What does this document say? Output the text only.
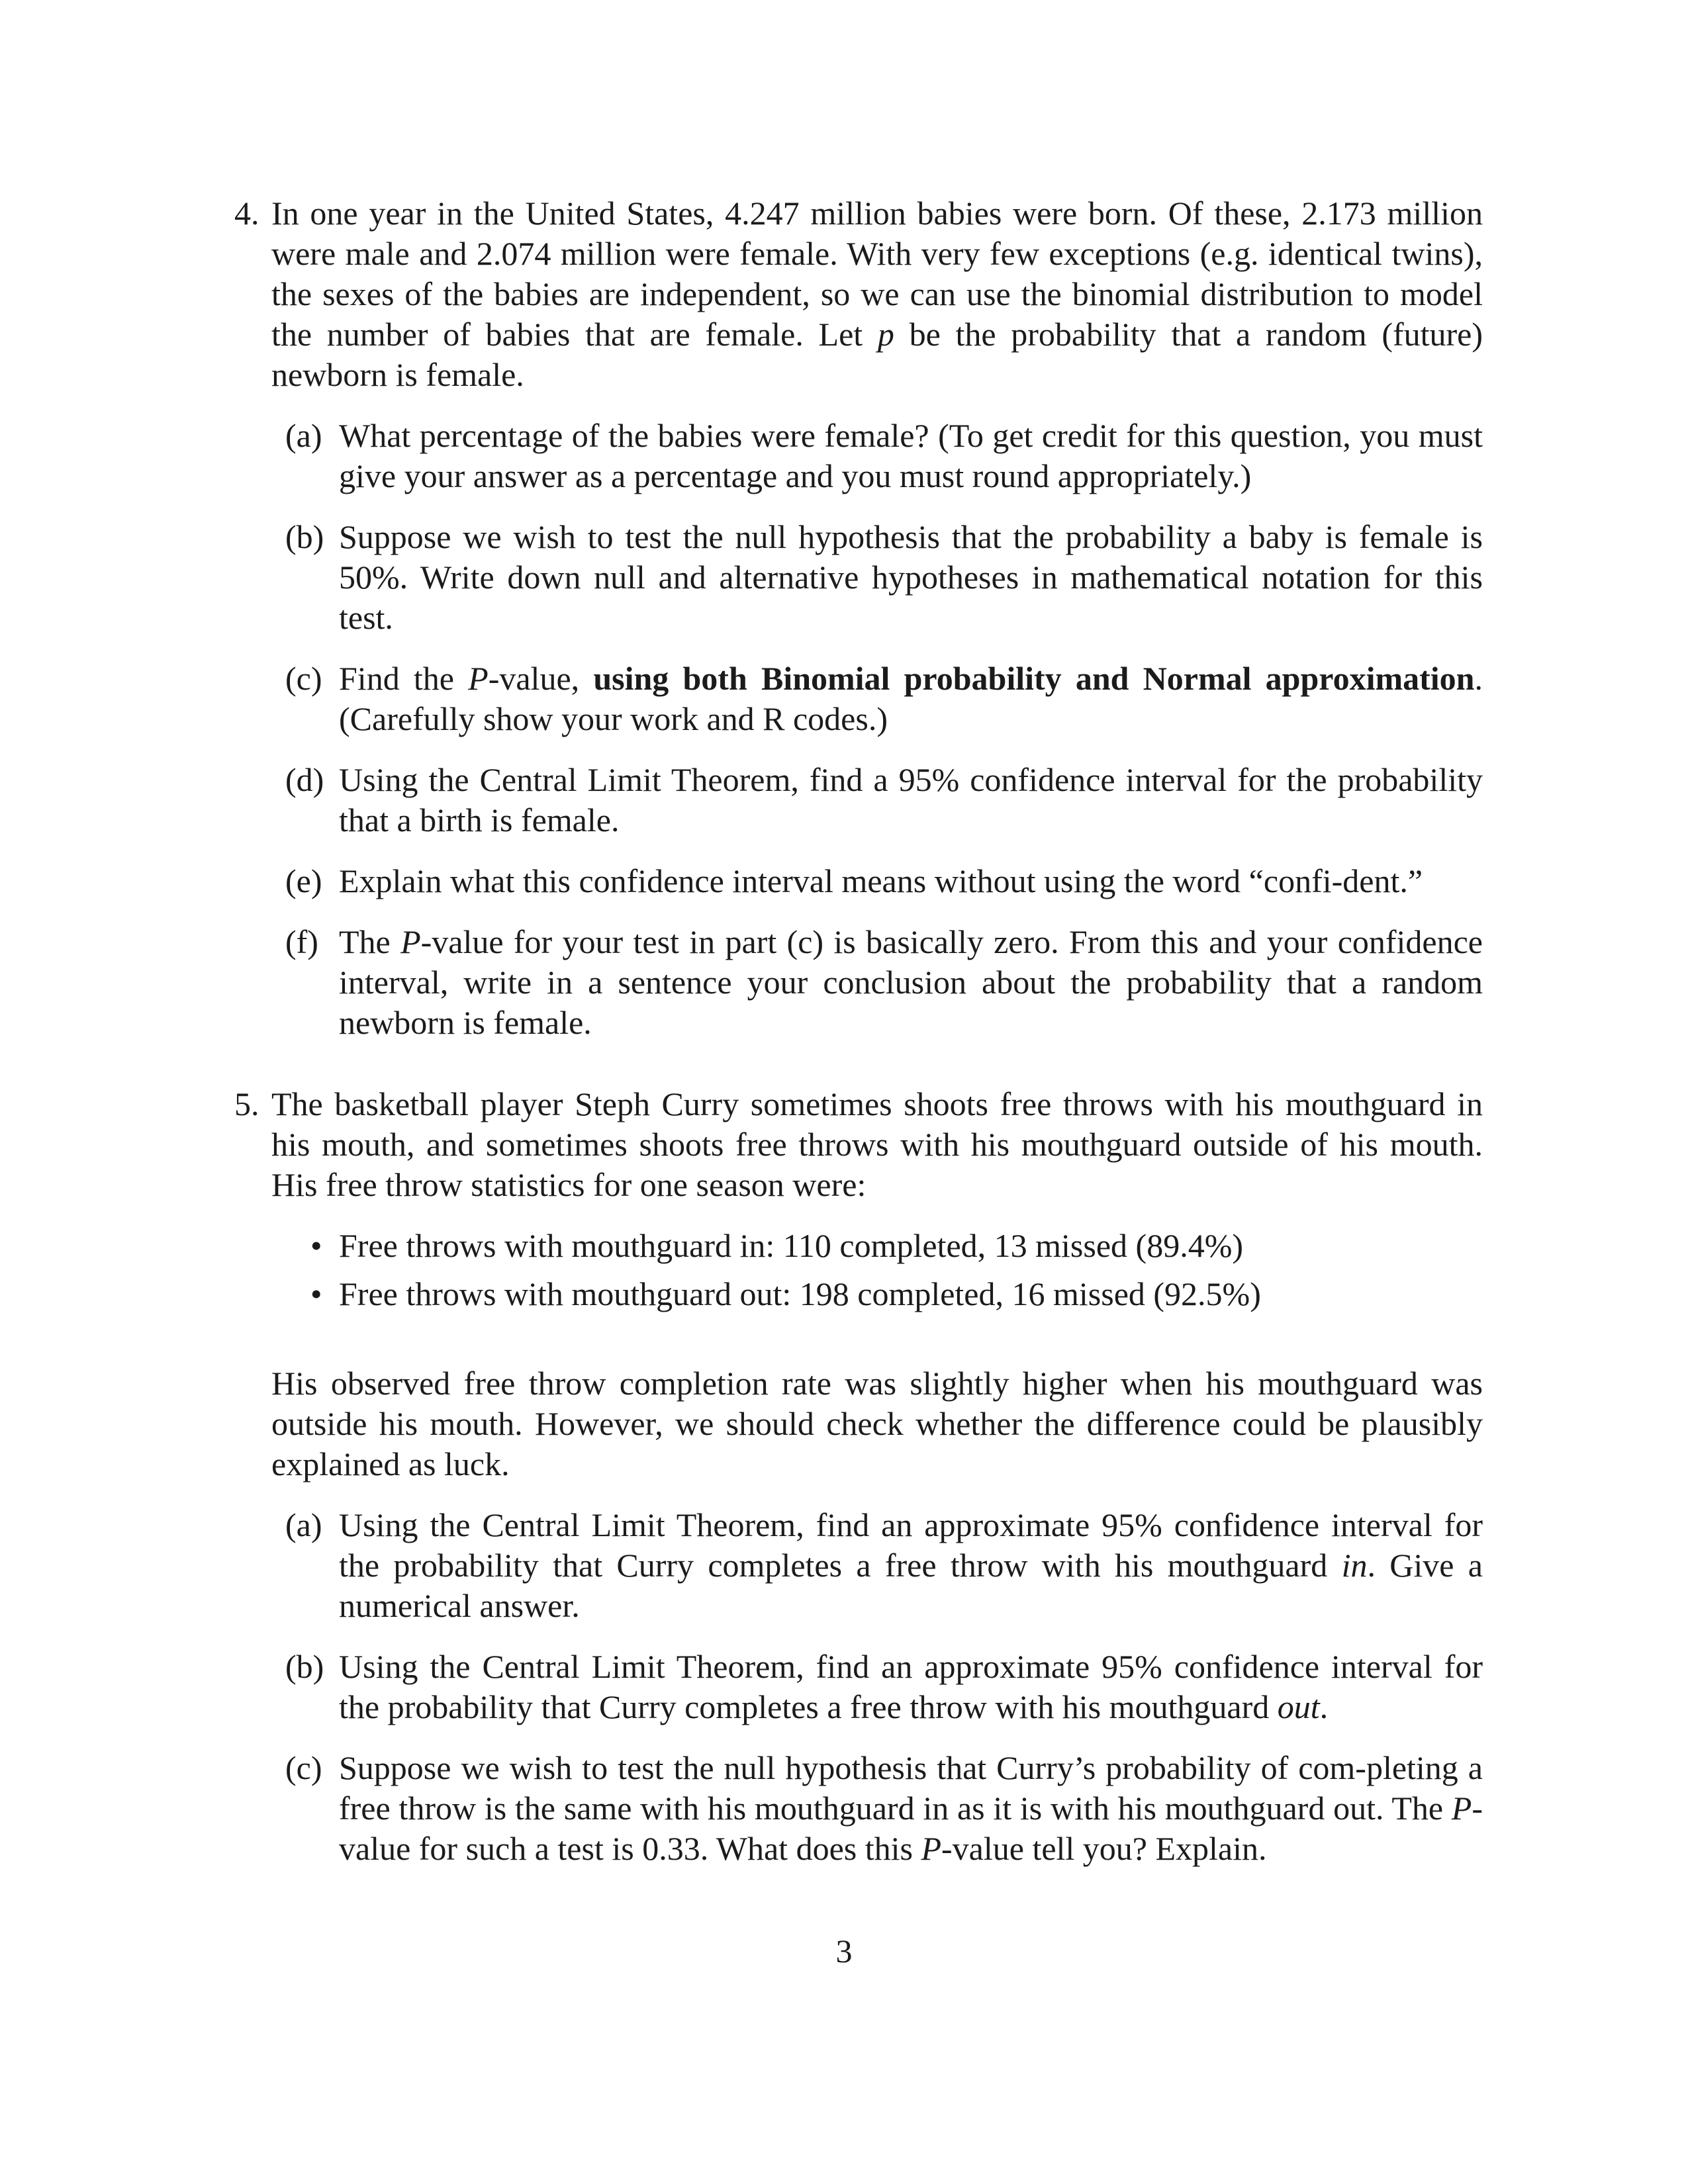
4. In one year in the United States, 4.247 million babies were born. Of these, 2.173 million were male and 2.074 million were female. With very few exceptions (e.g. identical twins), the sexes of the babies are independent, so we can use the binomial distribution to model the number of babies that are female. Let p be the probability that a random (future) newborn is female.

(a) What percentage of the babies were female? (To get credit for this question, you must give your answer as a percentage and you must round appropriately.)

(b) Suppose we wish to test the null hypothesis that the probability a baby is female is 50%. Write down null and alternative hypotheses in mathematical notation for this test.

(c) Find the P-value, using both Binomial probability and Normal approximation. (Carefully show your work and R codes.)

(d) Using the Central Limit Theorem, find a 95% confidence interval for the probability that a birth is female.

(e) Explain what this confidence interval means without using the word “confi-dent.”

(f) The P-value for your test in part (c) is basically zero. From this and your confidence interval, write in a sentence your conclusion about the probability that a random newborn is female.

5. The basketball player Steph Curry sometimes shoots free throws with his mouthguard in his mouth, and sometimes shoots free throws with his mouthguard outside of his mouth. His free throw statistics for one season were:

• Free throws with mouthguard in: 110 completed, 13 missed (89.4%)

• Free throws with mouthguard out: 198 completed, 16 missed (92.5%)

His observed free throw completion rate was slightly higher when his mouthguard was outside his mouth. However, we should check whether the difference could be plausibly explained as luck.

(a) Using the Central Limit Theorem, find an approximate 95% confidence interval for the probability that Curry completes a free throw with his mouthguard in. Give a numerical answer.

(b) Using the Central Limit Theorem, find an approximate 95% confidence interval for the probability that Curry completes a free throw with his mouthguard out.

(c) Suppose we wish to test the null hypothesis that Curry’s probability of com-pleting a free throw is the same with his mouthguard in as it is with his mouthguard out. The P-value for such a test is 0.33. What does this P-value tell you? Explain.

3
